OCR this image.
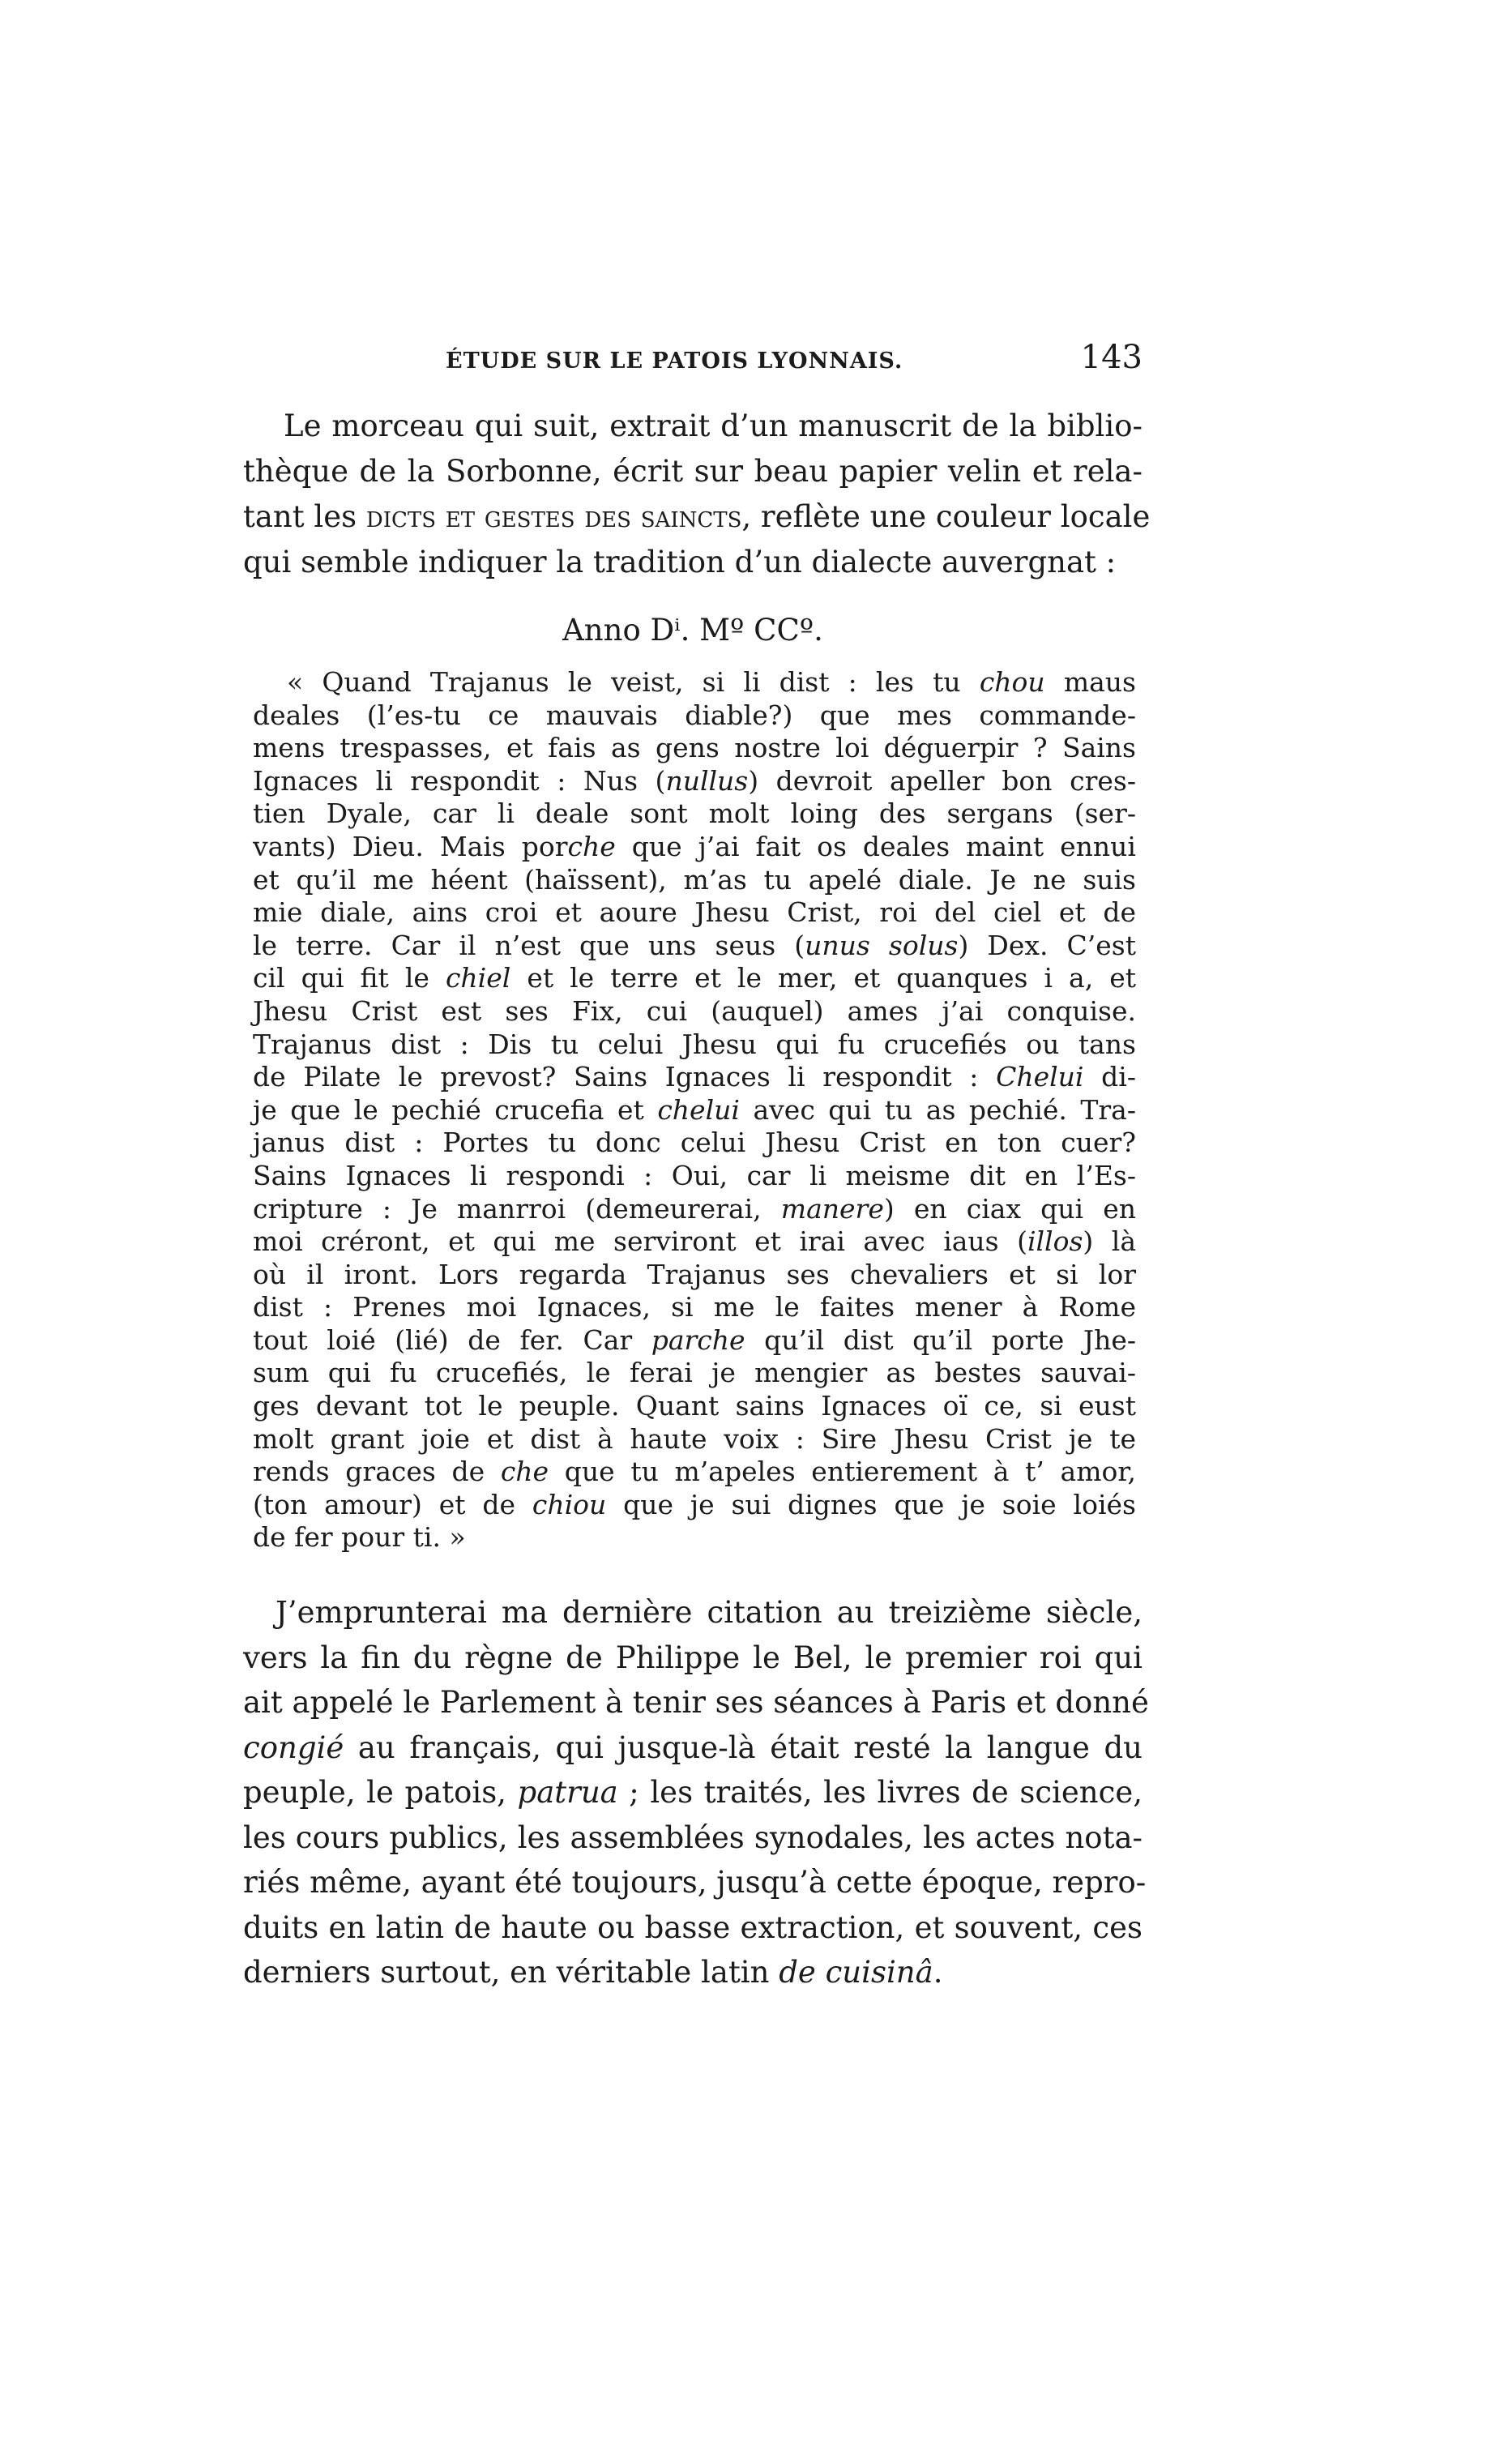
ÉTUDE SUR LE PATOIS LYONNAIS.	143
Le morceau qui suit, extrait d’un manuscrit de la biblio-
thèque de la Sorbonne, écrit sur beau papier velin et rela-
tant les dicts et gestes des saincts, reflète une couleur locale
qui semble indiquer la tradition d’un dialecte auvergnat :
Anno Dⁱ. Mº CCº.
« Quand Trajanus le veist, si li dist : les tu chou maus
deales (l’es-tu ce mauvais diable?) que mes commande-
mens trespasses, et fais as gens nostre loi déguerpir ? Sains
Ignaces li respondit : Nus (nullus) devroit apeller bon cres-
tien Dyale, car li deale sont molt loing des sergans (ser-
vants) Dieu. Mais porche que j’ai fait os deales maint ennui
et qu’il me héent (haïssent), m’as tu apelé diale. Je ne suis
mie diale, ains croi et aoure Jhesu Crist, roi del ciel et de
le terre. Car il n’est que uns seus (unus solus) Dex. C’est
cil qui fit le chiel et le terre et le mer, et quanques i a, et
Jhesu Crist est ses Fix, cui (auquel) ames j’ai conquise.
Trajanus dist : Dis tu celui Jhesu qui fu crucefiés ou tans
de Pilate le prevost? Sains Ignaces li respondit : Chelui di-
je que le pechié crucefia et chelui avec qui tu as pechié. Tra-
janus dist : Portes tu donc celui Jhesu Crist en ton cuer?
Sains Ignaces li respondi : Oui, car li meisme dit en l’Es-
cripture : Je manrroi (demeurerai, manere) en ciax qui en
moi créront, et qui me serviront et irai avec iaus (illos) là
où il iront. Lors regarda Trajanus ses chevaliers et si lor
dist : Prenes moi Ignaces, si me le faites mener à Rome
tout loié (lié) de fer. Car parche qu’il dist qu’il porte Jhe-
sum qui fu crucefiés, le ferai je mengier as bestes sauvai-
ges devant tot le peuple. Quant sains Ignaces oï ce, si eust
molt grant joie et dist à haute voix : Sire Jhesu Crist je te
rends graces de che que tu m’apeles entierement à t’ amor,
(ton amour) et de chiou que je sui dignes que je soie loiés
de fer pour ti. »
J’emprunterai ma dernière citation au treizième siècle,
vers la fin du règne de Philippe le Bel, le premier roi qui
ait appelé le Parlement à tenir ses séances à Paris et donné
congié au français, qui jusque-là était resté la langue du
peuple, le patois, patrua ; les traités, les livres de science,
les cours publics, les assemblées synodales, les actes nota-
riés même, ayant été toujours, jusqu’à cette époque, repro-
duits en latin de haute ou basse extraction, et souvent, ces
derniers surtout, en véritable latin de cuisinâ.
